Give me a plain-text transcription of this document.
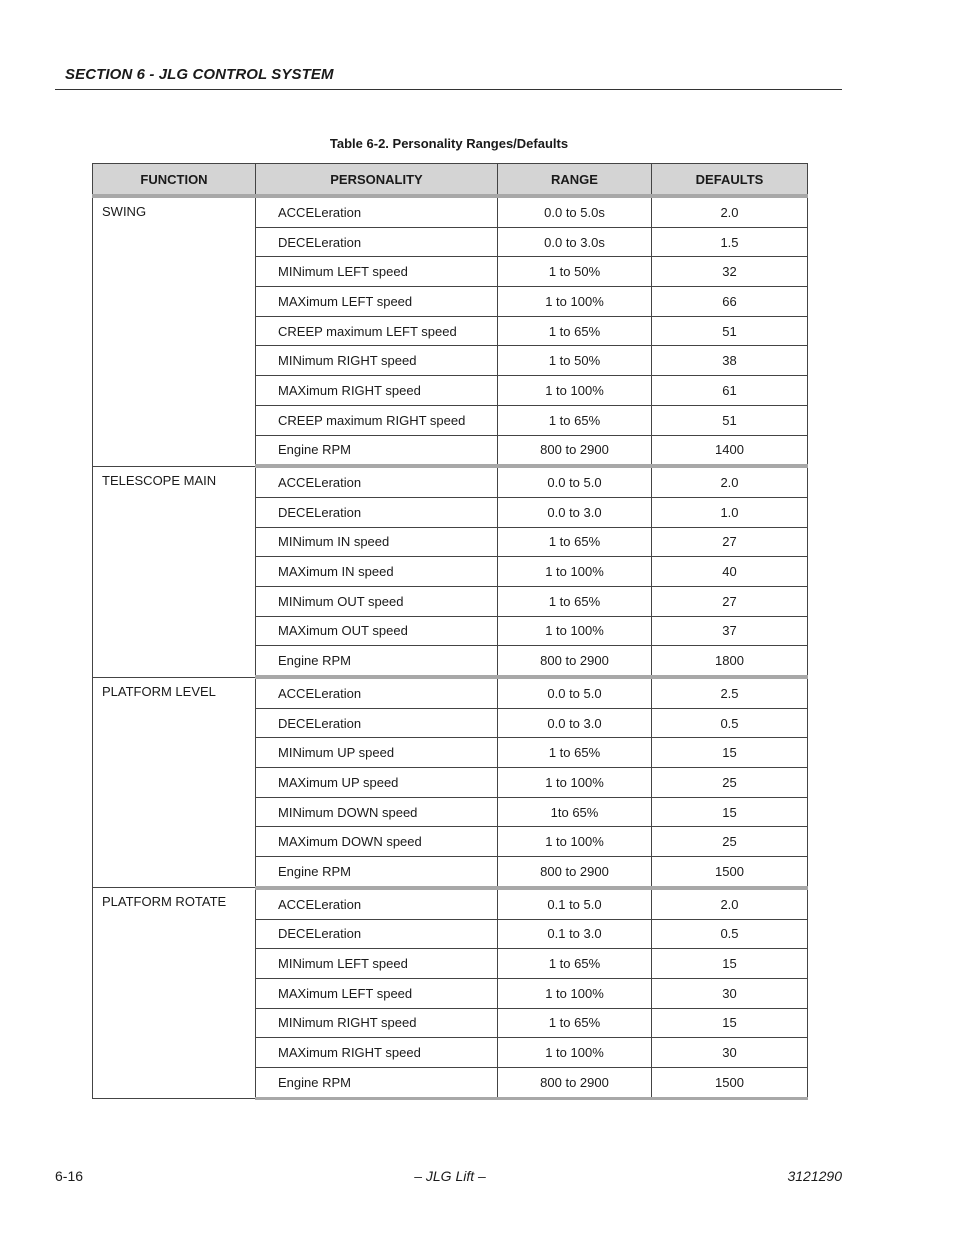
SECTION 6 - JLG CONTROL SYSTEM
Table 6-2. Personality Ranges/Defaults
FUNCTION	PERSONALITY	RANGE	DEFAULTS
SWING	ACCELeration	0.0 to 5.0s	2.0
	DECELeration	0.0 to 3.0s	1.5
	MINimum LEFT speed	1 to 50%	32
	MAXimum LEFT speed	1 to 100%	66
	CREEP maximum LEFT speed	1 to 65%	51
	MINimum RIGHT speed	1 to 50%	38
	MAXimum RIGHT speed	1 to 100%	61
	CREEP maximum RIGHT speed	1 to 65%	51
	Engine RPM	800 to 2900	1400
TELESCOPE MAIN	ACCELeration	0.0 to 5.0	2.0
	DECELeration	0.0 to 3.0	1.0
	MINimum IN speed	1 to 65%	27
	MAXimum IN speed	1 to 100%	40
	MINimum OUT speed	1 to 65%	27
	MAXimum OUT speed	1 to 100%	37
	Engine RPM	800 to 2900	1800
PLATFORM LEVEL	ACCELeration	0.0 to 5.0	2.5
	DECELeration	0.0 to 3.0	0.5
	MINimum UP speed	1 to 65%	15
	MAXimum UP speed	1 to 100%	25
	MINimum DOWN speed	1to 65%	15
	MAXimum DOWN speed	1 to 100%	25
	Engine RPM	800 to 2900	1500
PLATFORM ROTATE	ACCELeration	0.1 to 5.0	2.0
	DECELeration	0.1 to 3.0	0.5
	MINimum LEFT speed	1 to 65%	15
	MAXimum LEFT speed	1 to 100%	30
	MINimum RIGHT speed	1 to 65%	15
	MAXimum RIGHT speed	1 to 100%	30
	Engine RPM	800 to 2900	1500
6-16	– JLG Lift –	3121290
